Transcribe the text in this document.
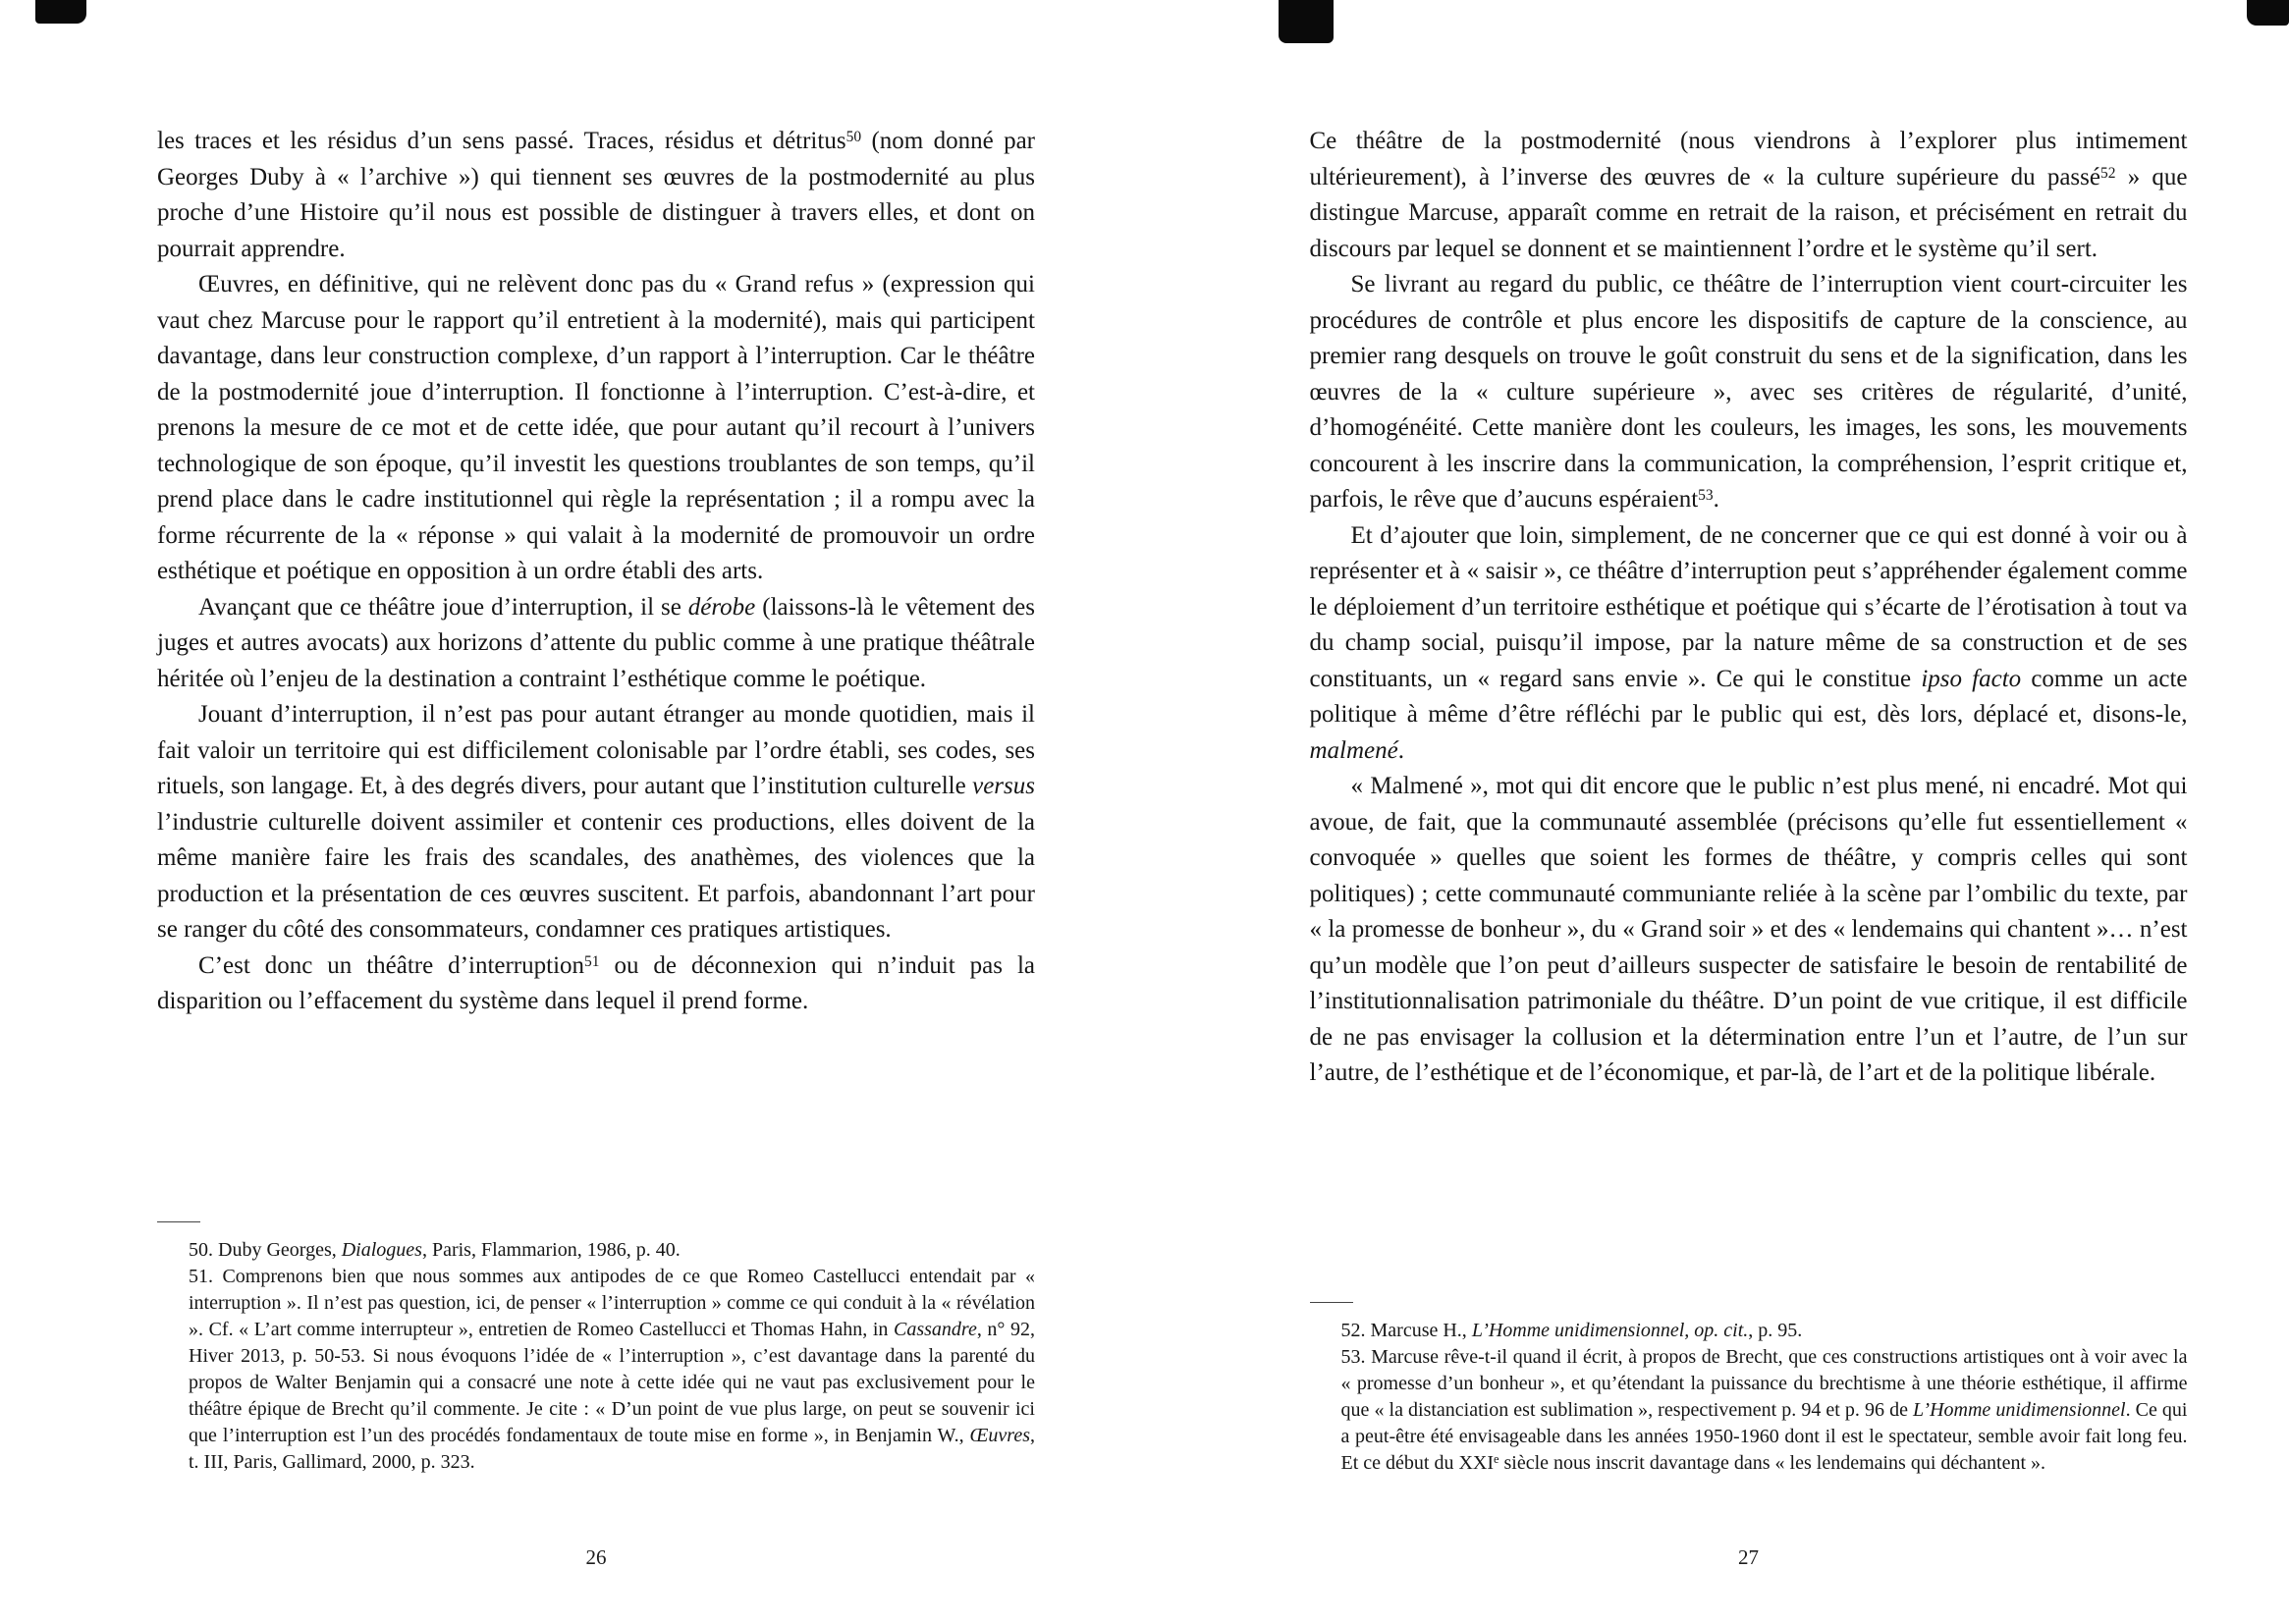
les traces et les résidus d’un sens passé. Traces, résidus et détritus$^{50}$ (nom donné par Georges Duby à « l’archive ») qui tiennent ses œuvres de la postmodernité au plus proche d’une Histoire qu’il nous est possible de distinguer à travers elles, et dont on pourrait apprendre.

Œuvres, en définitive, qui ne relèvent donc pas du « Grand refus » (expression qui vaut chez Marcuse pour le rapport qu’il entretient à la modernité), mais qui participent davantage, dans leur construction complexe, d’un rapport à l’interruption. Car le théâtre de la postmodernité joue d’interruption. Il fonctionne à l’interruption. C’est-à-dire, et prenons la mesure de ce mot et de cette idée, que pour autant qu’il recourt à l’univers technologique de son époque, qu’il investit les questions troublantes de son temps, qu’il prend place dans le cadre institutionnel qui règle la représentation ; il a rompu avec la forme récurrente de la « réponse » qui valait à la modernité de promouvoir un ordre esthétique et poétique en opposition à un ordre établi des arts.

Avançant que ce théâtre joue d’interruption, il se dérobe (laissons-là le vêtement des juges et autres avocats) aux horizons d’attente du public comme à une pratique théâtrale héritée où l’enjeu de la destination a contraint l’esthétique comme le poétique.

Jouant d’interruption, il n’est pas pour autant étranger au monde quotidien, mais il fait valoir un territoire qui est difficilement colonisable par l’ordre établi, ses codes, ses rituels, son langage. Et, à des degrés divers, pour autant que l’institution culturelle versus l’industrie culturelle doivent assimiler et contenir ces productions, elles doivent de la même manière faire les frais des scandales, des anathèmes, des violences que la production et la présentation de ces œuvres suscitent. Et parfois, abandonnant l’art pour se ranger du côté des consommateurs, condamner ces pratiques artistiques.

C’est donc un théâtre d’interruption$^{51}$ ou de déconnexion qui n’induit pas la disparition ou l’effacement du système dans lequel il prend forme.

50. Duby Georges, Dialogues, Paris, Flammarion, 1986, p. 40.

51. Comprenons bien que nous sommes aux antipodes de ce que Romeo Castellucci entendait par « interruption ». Il n’est pas question, ici, de penser « l’interruption » comme ce qui conduit à la « révélation ». Cf. « L’art comme interrupteur », entretien de Romeo Castellucci et Thomas Hahn, in Cassandre, n° 92, Hiver 2013, p. 50-53. Si nous évoquons l’idée de « l’interruption », c’est davantage dans la parenté du propos de Walter Benjamin qui a consacré une note à cette idée qui ne vaut pas exclusivement pour le théâtre épique de Brecht qu’il commente. Je cite : « D’un point de vue plus large, on peut se souvenir ici que l’interruption est l’un des procédés fondamentaux de toute mise en forme », in Benjamin W., Œuvres, t. III, Paris, Gallimard, 2000, p. 323.

26

Ce théâtre de la postmodernité (nous viendrons à l’explorer plus intimement ultérieurement), à l’inverse des œuvres de « la culture supérieure du passé$^{52}$ » que distingue Marcuse, apparaît comme en retrait de la raison, et précisément en retrait du discours par lequel se donnent et se maintiennent l’ordre et le système qu’il sert.

Se livrant au regard du public, ce théâtre de l’interruption vient court-circuiter les procédures de contrôle et plus encore les dispositifs de capture de la conscience, au premier rang desquels on trouve le goût construit du sens et de la signification, dans les œuvres de la « culture supérieure », avec ses critères de régularité, d’unité, d’homogénéité. Cette manière dont les couleurs, les images, les sons, les mouvements concourent à les inscrire dans la communication, la compréhension, l’esprit critique et, parfois, le rêve que d’aucuns espéraient$^{53}$.

Et d’ajouter que loin, simplement, de ne concerner que ce qui est donné à voir ou à représenter et à « saisir », ce théâtre d’interruption peut s’appréhender également comme le déploiement d’un territoire esthétique et poétique qui s’écarte de l’érotisation à tout va du champ social, puisqu’il impose, par la nature même de sa construction et de ses constituants, un « regard sans envie ». Ce qui le constitue ipso facto comme un acte politique à même d’être réfléchi par le public qui est, dès lors, déplacé et, disons-le, malmené.

« Malmené », mot qui dit encore que le public n’est plus mené, ni encadré. Mot qui avoue, de fait, que la communauté assemblée (précisons qu’elle fut essentiellement « convoquée » quelles que soient les formes de théâtre, y compris celles qui sont politiques) ; cette communauté communiante reliée à la scène par l’ombilic du texte, par « la promesse de bonheur », du « Grand soir » et des « lendemains qui chantent »… n’est qu’un modèle que l’on peut d’ailleurs suspecter de satisfaire le besoin de rentabilité de l’institutionnalisation patrimoniale du théâtre. D’un point de vue critique, il est difficile de ne pas envisager la collusion et la détermination entre l’un et l’autre, de l’un sur l’autre, de l’esthétique et de l’économique, et par-là, de l’art et de la politique libérale.

52. Marcuse H., L’Homme unidimensionnel, op. cit., p. 95.

53. Marcuse rêve-t-il quand il écrit, à propos de Brecht, que ces constructions artistiques ont à voir avec la « promesse d’un bonheur », et qu’étendant la puissance du brechtisme à une théorie esthétique, il affirme que « la distanciation est sublimation », respectivement p. 94 et p. 96 de L’Homme unidimensionnel. Ce qui a peut-être été envisageable dans les années 1950-1960 dont il est le spectateur, semble avoir fait long feu. Et ce début du XXIe siècle nous inscrit davantage dans « les lendemains qui déchantent ».

27
